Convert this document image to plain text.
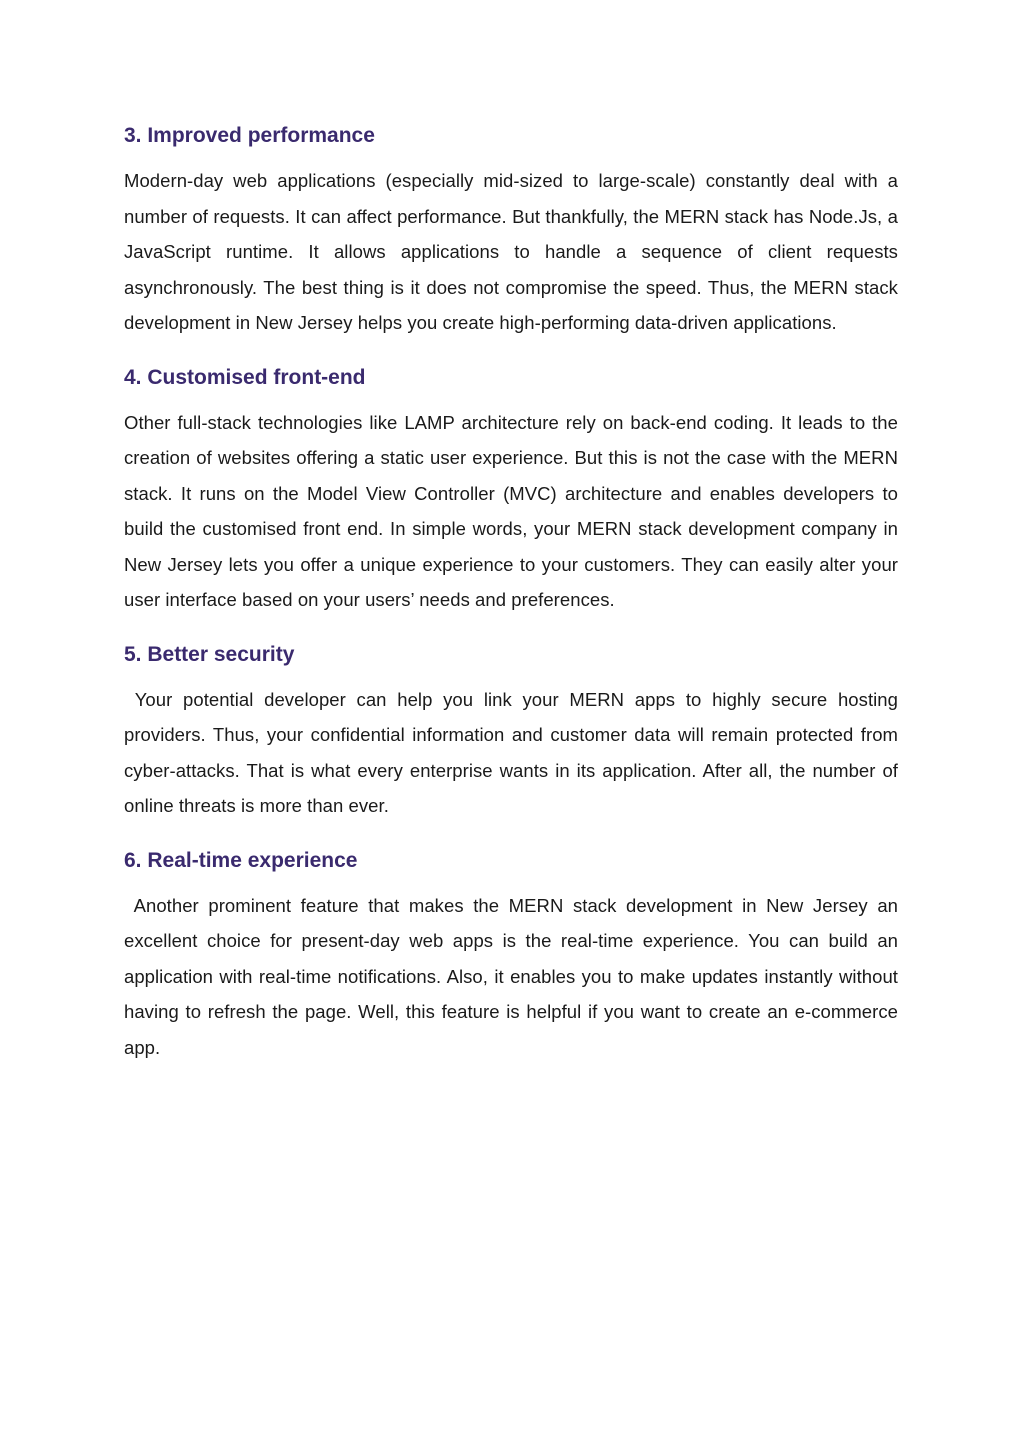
3. Improved performance

Modern-day web applications (especially mid-sized to large-scale) constantly deal with a number of requests. It can affect performance. But thankfully, the MERN stack has Node.Js, a JavaScript runtime. It allows applications to handle a sequence of client requests asynchronously. The best thing is it does not compromise the speed. Thus, the MERN stack development in New Jersey helps you create high-performing data-driven applications.

4. Customised front-end

Other full-stack technologies like LAMP architecture rely on back-end coding. It leads to the creation of websites offering a static user experience. But this is not the case with the MERN stack. It runs on the Model View Controller (MVC) architecture and enables developers to build the customised front end. In simple words, your MERN stack development company in New Jersey lets you offer a unique experience to your customers. They can easily alter your user interface based on your users’ needs and preferences.

5. Better security

Your potential developer can help you link your MERN apps to highly secure hosting providers. Thus, your confidential information and customer data will remain protected from cyber-attacks. That is what every enterprise wants in its application. After all, the number of online threats is more than ever.

6. Real-time experience

Another prominent feature that makes the MERN stack development in New Jersey an excellent choice for present-day web apps is the real-time experience. You can build an application with real-time notifications. Also, it enables you to make updates instantly without having to refresh the page. Well, this feature is helpful if you want to create an e-commerce app.
